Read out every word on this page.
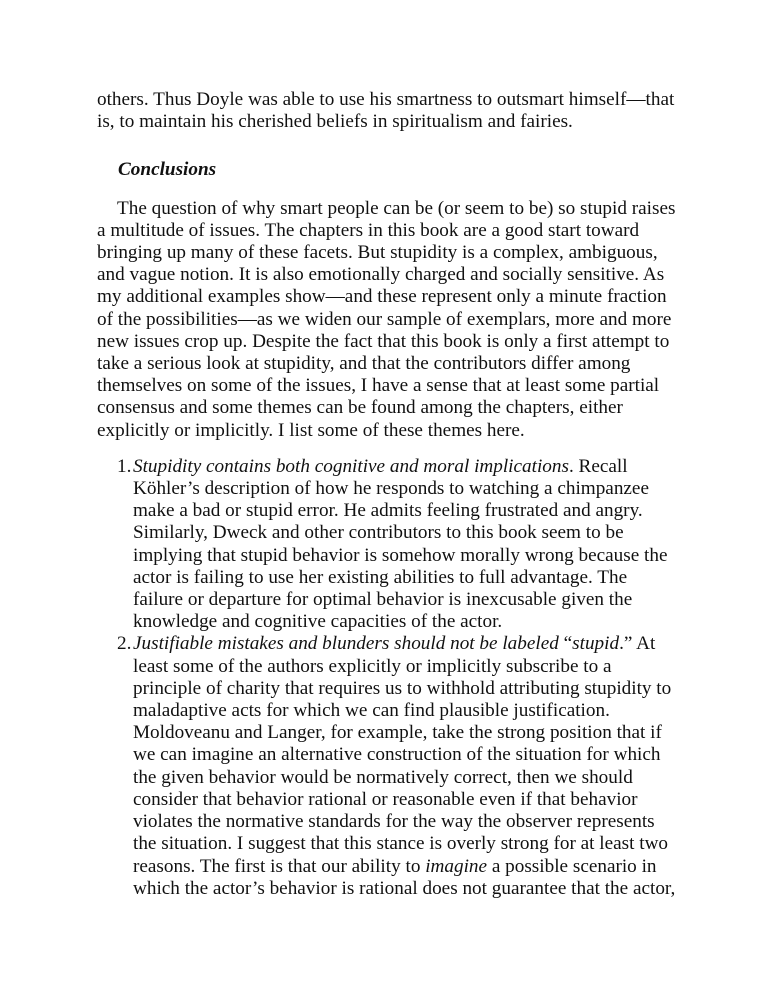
others. Thus Doyle was able to use his smartness to outsmart himself—that
is, to maintain his cherished beliefs in spiritualism and fairies.

Conclusions

The question of why smart people can be (or seem to be) so stupid raises
a multitude of issues. The chapters in this book are a good start toward
bringing up many of these facets. But stupidity is a complex, ambiguous,
and vague notion. It is also emotionally charged and socially sensitive. As
my additional examples show—and these represent only a minute fraction
of the possibilities—as we widen our sample of exemplars, more and more
new issues crop up. Despite the fact that this book is only a first attempt to
take a serious look at stupidity, and that the contributors differ among
themselves on some of the issues, I have a sense that at least some partial
consensus and some themes can be found among the chapters, either
explicitly or implicitly. I list some of these themes here.

1. Stupidity contains both cognitive and moral implications. Recall
Köhler’s description of how he responds to watching a chimpanzee
make a bad or stupid error. He admits feeling frustrated and angry.
Similarly, Dweck and other contributors to this book seem to be
implying that stupid behavior is somehow morally wrong because the
actor is failing to use her existing abilities to full advantage. The
failure or departure for optimal behavior is inexcusable given the
knowledge and cognitive capacities of the actor.
2. Justifiable mistakes and blunders should not be labeled “stupid.” At
least some of the authors explicitly or implicitly subscribe to a
principle of charity that requires us to withhold attributing stupidity to
maladaptive acts for which we can find plausible justification.
Moldoveanu and Langer, for example, take the strong position that if
we can imagine an alternative construction of the situation for which
the given behavior would be normatively correct, then we should
consider that behavior rational or reasonable even if that behavior
violates the normative standards for the way the observer represents
the situation. I suggest that this stance is overly strong for at least two
reasons. The first is that our ability to imagine a possible scenario in
which the actor’s behavior is rational does not guarantee that the actor,
